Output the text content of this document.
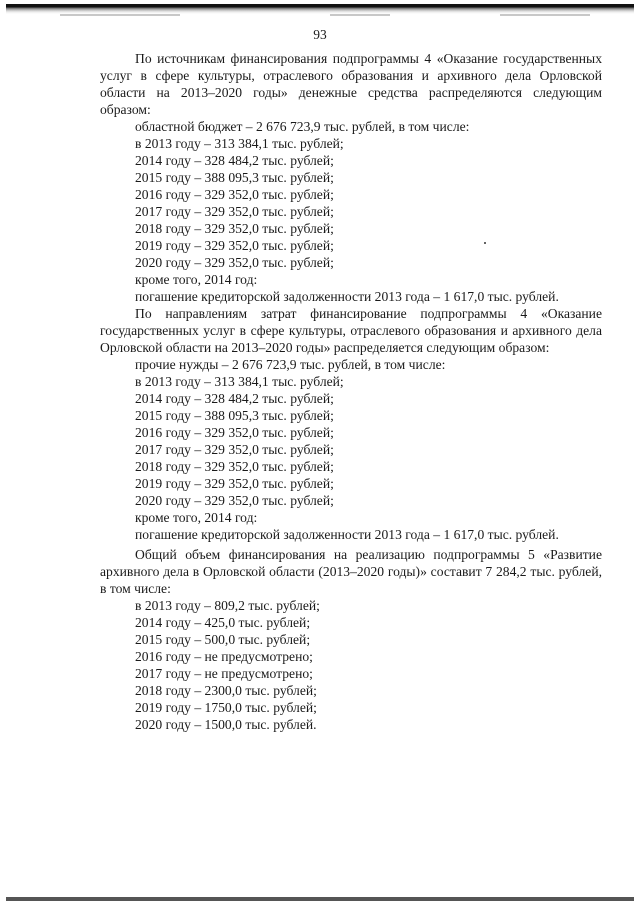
93

По источникам финансирования подпрограммы 4 «Оказание государственных услуг в сфере культуры, отраслевого образования и архивного дела Орловской области на 2013–2020 годы» денежные средства распределяются следующим образом:

областной бюджет – 2 676 723,9 тыс. рублей, в том числе:

в 2013 году – 313 384,1 тыс. рублей;

2014 году – 328 484,2 тыс. рублей;

2015 году – 388 095,3 тыс. рублей;

2016 году – 329 352,0 тыс. рублей;

2017 году – 329 352,0 тыс. рублей;

2018 году – 329 352,0 тыс. рублей;

2019 году – 329 352,0 тыс. рублей;

2020 году – 329 352,0 тыс. рублей;

кроме того, 2014 год:

погашение кредиторской задолженности 2013 года – 1 617,0 тыс. рублей.

По направлениям затрат финансирование подпрограммы 4 «Оказание государственных услуг в сфере культуры, отраслевого образования и архивного дела Орловской области на 2013–2020 годы» распределяется следующим образом:

прочие нужды – 2 676 723,9 тыс. рублей, в том числе:

в 2013 году – 313 384,1 тыс. рублей;

2014 году – 328 484,2 тыс. рублей;

2015 году – 388 095,3 тыс. рублей;

2016 году – 329 352,0 тыс. рублей;

2017 году – 329 352,0 тыс. рублей;

2018 году – 329 352,0 тыс. рублей;

2019 году – 329 352,0 тыс. рублей;

2020 году – 329 352,0 тыс. рублей;

кроме того, 2014 год:

погашение кредиторской задолженности 2013 года – 1 617,0 тыс. рублей.

Общий объем финансирования на реализацию подпрограммы 5 «Развитие архивного дела в Орловской области (2013–2020 годы)» составит 7 284,2 тыс. рублей, в том числе:

в 2013 году – 809,2 тыс. рублей;

2014 году – 425,0 тыс. рублей;

2015 году – 500,0 тыс. рублей;

2016 году – не предусмотрено;

2017 году – не предусмотрено;

2018 году – 2300,0 тыс. рублей;

2019 году – 1750,0 тыс. рублей;

2020 году – 1500,0 тыс. рублей.
